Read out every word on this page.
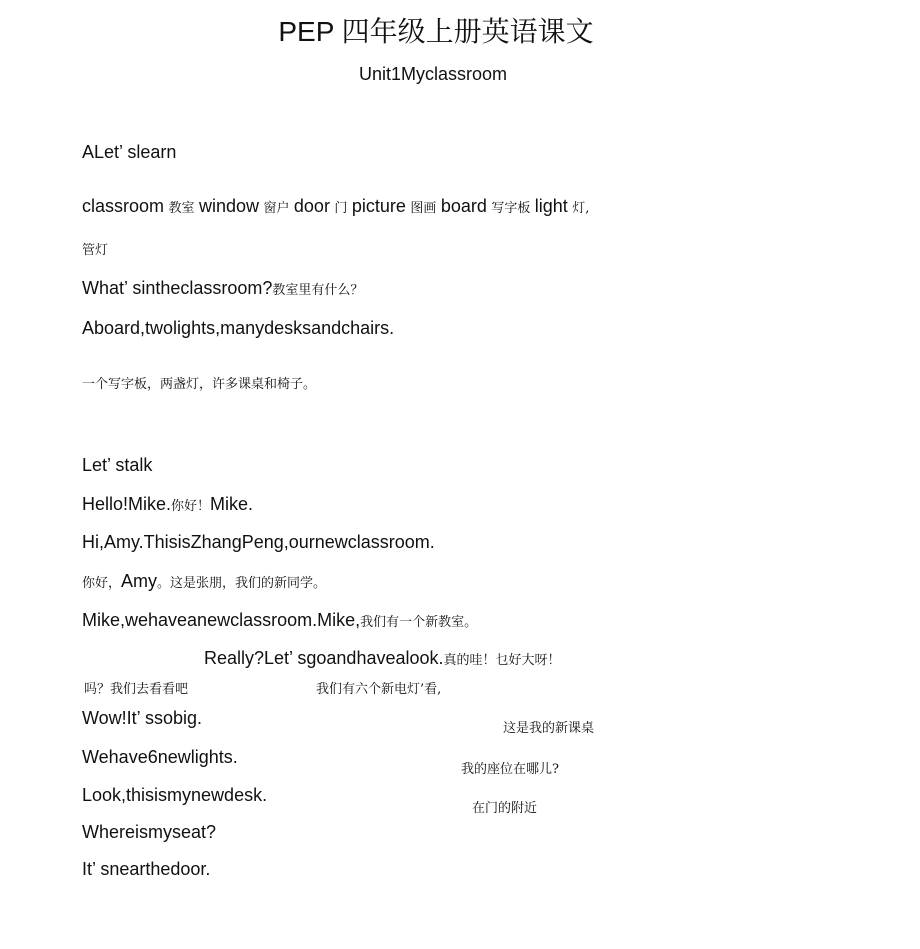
PEP 四年级上册英语课文
Unit1Myclassroom
ALet’ slearn
classroom 教室 window 窗户 door 门 picture 图画 board 写字板 light 灯,
管灯
What’ sintheclassroom?教室里有什么？
Aboard,twolights,manydesksandchairs.
一个写字板，两盏灯，许多课桌和椅子。
Let’ stalk
Hello!Mike.你好！Mike.
Hi,Amy.ThisisZhangPeng,ournewclassroom.
你好，Amy。这是张朋，我们的新同学。
Mike,wehaveanewclassroom.Mike,我们有一个新教室。
Really?Let’ sgoandhavealook.真的哇！乜好大呀！
吗？我们去看看吧	我们有六个新电灯’看,
Wow!It’ ssobig.
这是我的新课桌
Wehave6newlights.
我的座位在哪儿?
Look,thisismynewdesk.
在门的附近
Whereismyseat?
It’ snearthedoor.
